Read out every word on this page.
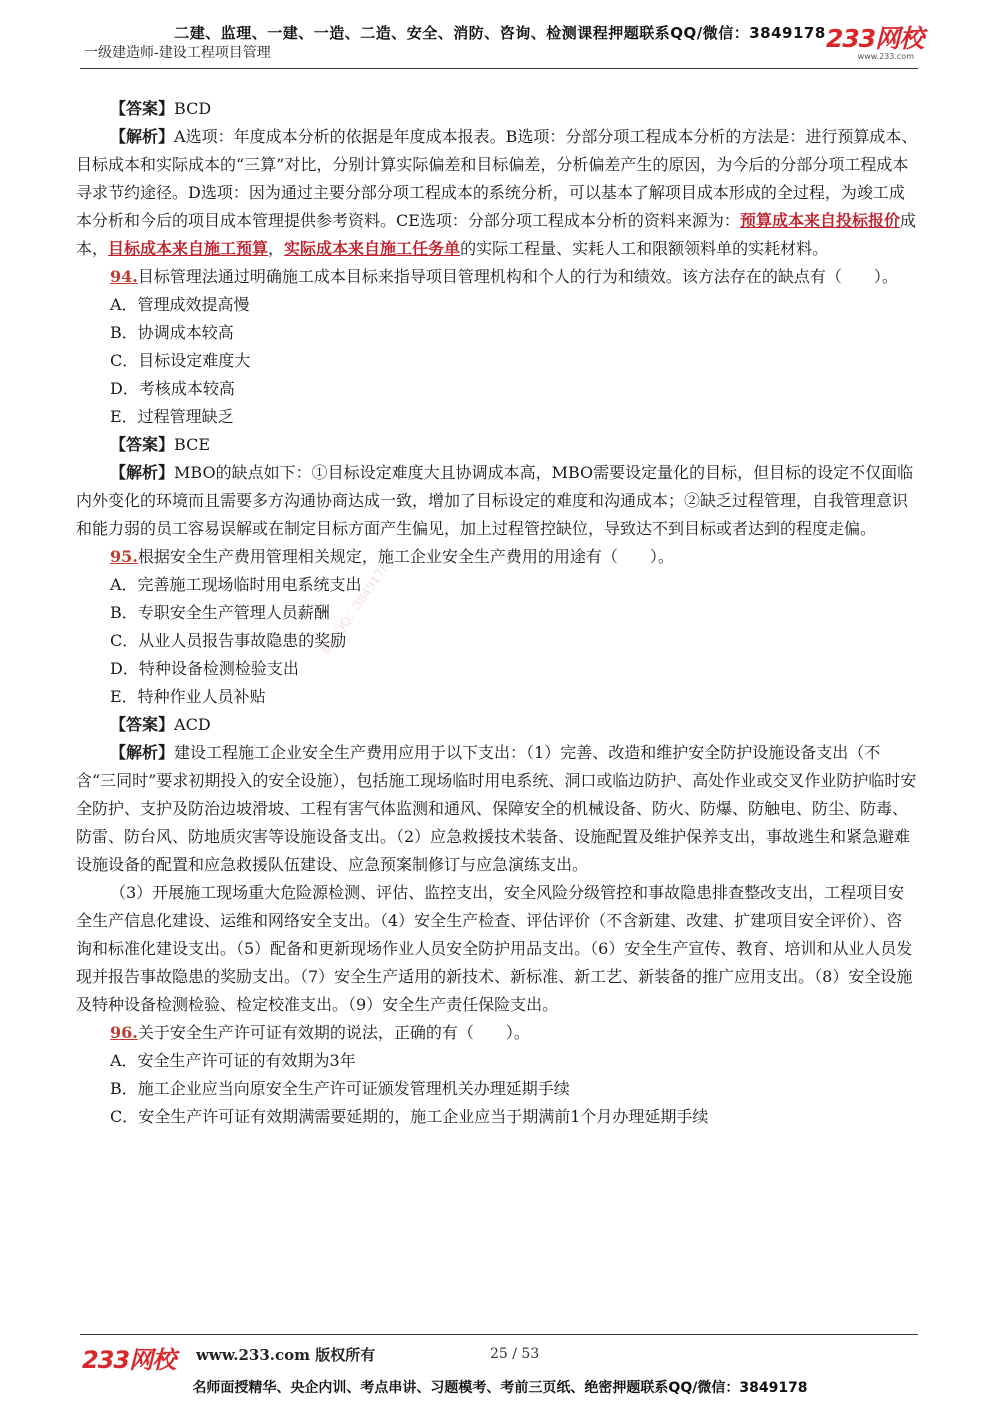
二建、监理、一建、一造、二造、安全、消防、咨询、检测课程押题联系QQ/微信：3849178
一级建造师-建设工程项目管理	233网校
www.233.com
微信QQ：3849178

【答案】BCD

【解析】A选项：年度成本分析的依据是年度成本报表。B选项：分部分项工程成本分析的方法是：进行预算成本、目标成本和实际成本的“三算”对比，分别计算实际偏差和目标偏差，分析偏差产生的原因，为今后的分部分项工程成本寻求节约途径。D选项：因为通过主要分部分项工程成本的系统分析，可以基本了解项目成本形成的全过程，为竣工成本分析和今后的项目成本管理提供参考资料。CE选项：分部分项工程成本分析的资料来源为：预算成本来自投标报价成本，目标成本来自施工预算，实际成本来自施工任务单的实际工程量、实耗人工和限额领料单的实耗材料。

94.目标管理法通过明确施工成本目标来指导项目管理机构和个人的行为和绩效。该方法存在的缺点有（　　）。

A．管理成效提高慢

B．协调成本较高

C．目标设定难度大

D．考核成本较高

E．过程管理缺乏

【答案】BCE

【解析】MBO的缺点如下：①目标设定难度大且协调成本高，MBO需要设定量化的目标，但目标的设定不仅面临内外变化的环境而且需要多方沟通协商达成一致，增加了目标设定的难度和沟通成本；②缺乏过程管理，自我管理意识和能力弱的员工容易误解或在制定目标方面产生偏见，加上过程管控缺位，导致达不到目标或者达到的程度走偏。

95.根据安全生产费用管理相关规定，施工企业安全生产费用的用途有（　　）。

A．完善施工现场临时用电系统支出

B．专职安全生产管理人员薪酬

C．从业人员报告事故隐患的奖励

D．特种设备检测检验支出

E．特种作业人员补贴

【答案】ACD

【解析】建设工程施工企业安全生产费用应用于以下支出：（1）完善、改造和维护安全防护设施设备支出（不含“三同时”要求初期投入的安全设施），包括施工现场临时用电系统、洞口或临边防护、高处作业或交叉作业防护临时安全防护、支护及防治边坡滑坡、工程有害气体监测和通风、保障安全的机械设备、防火、防爆、防触电、防尘、防毒、防雷、防台风、防地质灾害等设施设备支出。（2）应急救援技术装备、设施配置及维护保养支出，事故逃生和紧急避难设施设备的配置和应急救援队伍建设、应急预案制修订与应急演练支出。

（3）开展施工现场重大危险源检测、评估、监控支出，安全风险分级管控和事故隐患排查整改支出，工程项目安全生产信息化建设、运维和网络安全支出。（4）安全生产检查、评估评价（不含新建、改建、扩建项目安全评价）、咨询和标准化建设支出。（5）配备和更新现场作业人员安全防护用品支出。（6）安全生产宣传、教育、培训和从业人员发现并报告事故隐患的奖励支出。（7）安全生产适用的新技术、新标准、新工艺、新装备的推广应用支出。（8）安全设施及特种设备检测检验、检定校准支出。（9）安全生产责任保险支出。

96.关于安全生产许可证有效期的说法，正确的有（　　）。

A．安全生产许可证的有效期为3年

B．施工企业应当向原安全生产许可证颁发管理机关办理延期手续

C．安全生产许可证有效期满需要延期的，施工企业应当于期满前1个月办理延期手续

233网校 www.233.com 版权所有	25 / 53
名师面授精华、央企内训、考点串讲、习题模考、考前三页纸、绝密押题联系QQ/微信：3849178
